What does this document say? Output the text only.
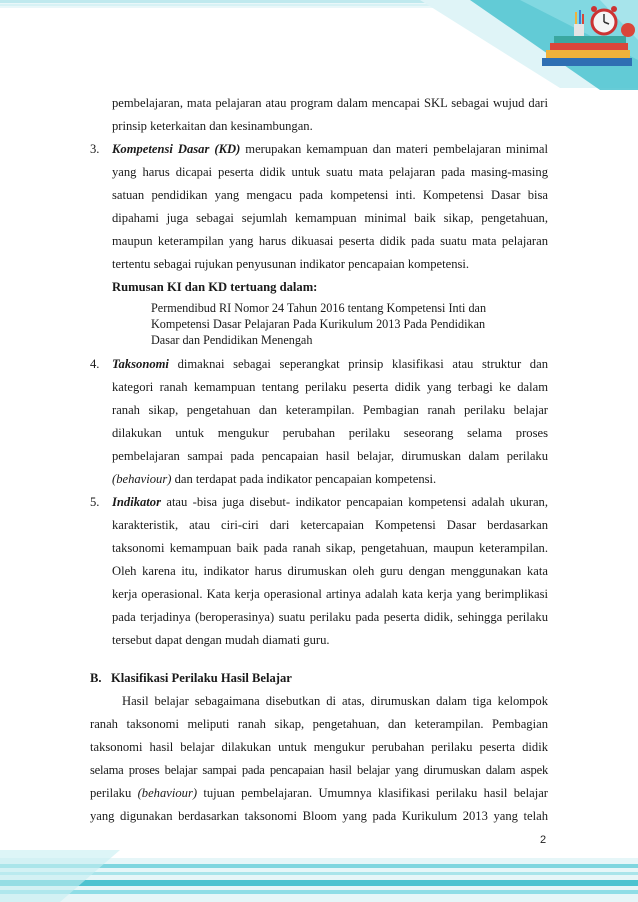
pembelajaran, mata pelajaran atau program dalam mencapai SKL sebagai wujud dari
prinsip keterkaitan dan kesinambungan.
3. Kompetensi Dasar (KD) merupakan kemampuan dan materi pembelajaran minimal
yang harus dicapai peserta didik untuk suatu mata pelajaran pada masing-masing
satuan pendidikan yang mengacu pada kompetensi inti. Kompetensi Dasar bisa
dipahami juga sebagai sejumlah kemampuan minimal baik sikap, pengetahuan,
maupun keterampilan yang harus dikuasai peserta didik pada suatu mata pelajaran
tertentu sebagai rujukan penyusunan indikator pencapaian kompetensi.
Rumusan KI dan KD tertuang dalam:
Permendibud RI Nomor 24 Tahun 2016 tentang Kompetensi Inti dan
Kompetensi Dasar Pelajaran Pada Kurikulum 2013 Pada Pendidikan
Dasar dan Pendidikan Menengah
4. Taksonomi dimaknai sebagai seperangkat prinsip klasifikasi atau struktur dan
kategori ranah kemampuan tentang perilaku peserta didik yang terbagi ke dalam
ranah sikap, pengetahuan dan keterampilan. Pembagian ranah perilaku belajar
dilakukan untuk mengukur perubahan perilaku seseorang selama proses
pembelajaran sampai pada pencapaian hasil belajar, dirumuskan dalam perilaku
(behaviour) dan terdapat pada indikator pencapaian kompetensi.
5. Indikator atau -bisa juga disebut- indikator pencapaian kompetensi adalah ukuran,
karakteristik, atau ciri-ciri dari ketercapaian Kompetensi Dasar berdasarkan
taksonomi kemampuan baik pada ranah sikap, pengetahuan, maupun keterampilan.
Oleh karena itu, indikator harus dirumuskan oleh guru dengan menggunakan kata
kerja operasional. Kata kerja operasional artinya adalah kata kerja yang berimplikasi
pada terjadinya (beroperasinya) suatu perilaku pada peserta didik, sehingga perilaku
tersebut dapat dengan mudah diamati guru.
B.   Klasifikasi Perilaku Hasil Belajar
Hasil belajar sebagaimana disebutkan di atas, dirumuskan dalam tiga kelompok
ranah taksonomi meliputi ranah sikap, pengetahuan, dan keterampilan. Pembagian
taksonomi hasil belajar dilakukan untuk mengukur perubahan perilaku peserta didik
selama proses belajar sampai pada pencapaian hasil belajar yang dirumuskan dalam aspek
perilaku (behaviour) tujuan pembelajaran. Umumnya klasifikasi perilaku hasil belajar
yang digunakan berdasarkan taksonomi Bloom yang pada Kurikulum 2013 yang telah
2
